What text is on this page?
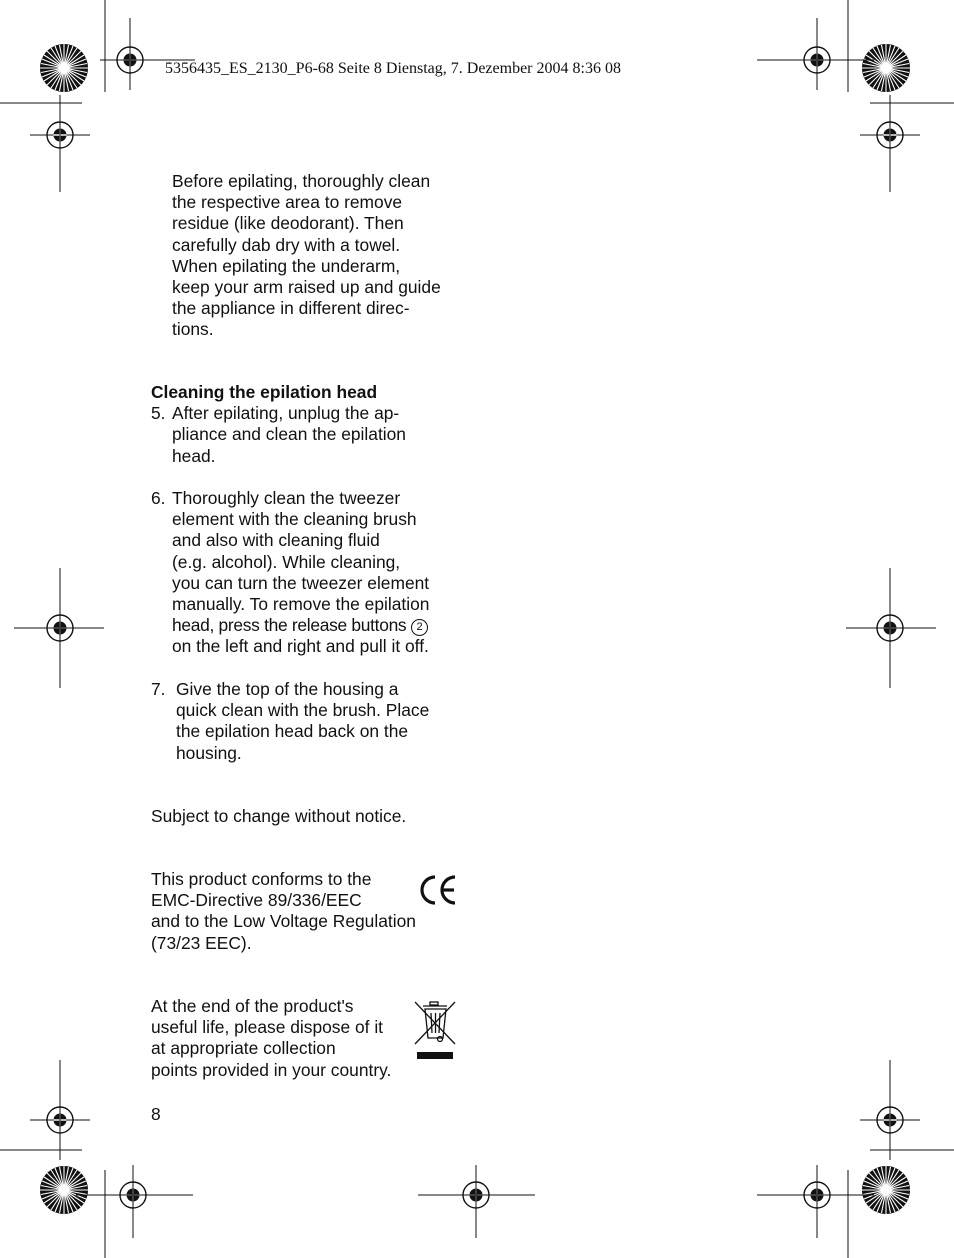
5356435_ES_2130_P6-68 Seite 8 Dienstag, 7. Dezember 2004 8:36 08
Before epilating, thoroughly clean
the respective area to remove
residue (like deodorant). Then
carefully dab dry with a towel.
When epilating the underarm,
keep your arm raised up and guide
the appliance in different direc-
tions.
Cleaning the epilation head
5. After epilating, unplug the ap-
pliance and clean the epilation
head.
6. Thoroughly clean the tweezer
element with the cleaning brush
and also with cleaning fluid
(e.g. alcohol). While cleaning,
you can turn the tweezer element
manually. To remove the epilation
head, press the release buttons 2
on the left and right and pull it off.
7. Give the top of the housing a
quick clean with the brush. Place
the epilation head back on the
housing.
Subject to change without notice.
This product conforms to the
EMC-Directive 89/336/EEC
and to the Low Voltage Regulation
(73/23 EEC).
At the end of the product's
useful life, please dispose of it
at appropriate collection
points provided in your country.
8
